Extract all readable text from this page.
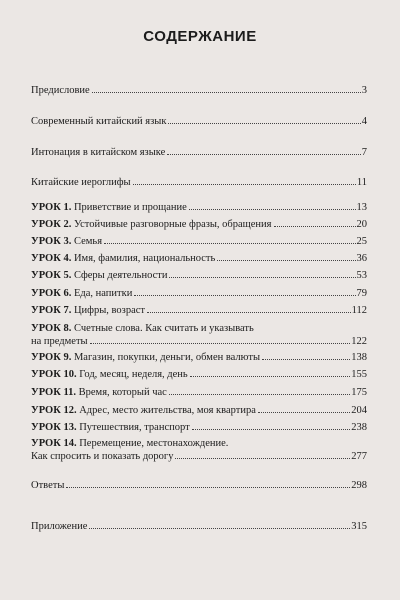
СОДЕРЖАНИЕ
Предисловие	3
Современный китайский язык	4
Интонация в китайском языке	7
Китайские иероглифы	11
УРОК 1. Приветствие и прощание	13
УРОК 2. Устойчивые разговорные фразы, обращения	20
УРОК 3. Семья	25
УРОК 4. Имя, фамилия, национальность	36
УРОК 5. Сферы деятельности	53
УРОК 6. Еда, напитки	79
УРОК 7. Цифры, возраст	112
УРОК 8. Счетные слова. Как считать и указывать
на предметы	122
УРОК 9. Магазин, покупки, деньги, обмен валюты	138
УРОК 10. Год, месяц, неделя, день	155
УРОК 11. Время, который час	175
УРОК 12. Адрес, место жительства, моя квартира	204
УРОК 13. Путешествия, транспорт	238
УРОК 14. Перемещение, местонахождение.
Как спросить и показать дорогу	277
Ответы	298
Приложение	315
